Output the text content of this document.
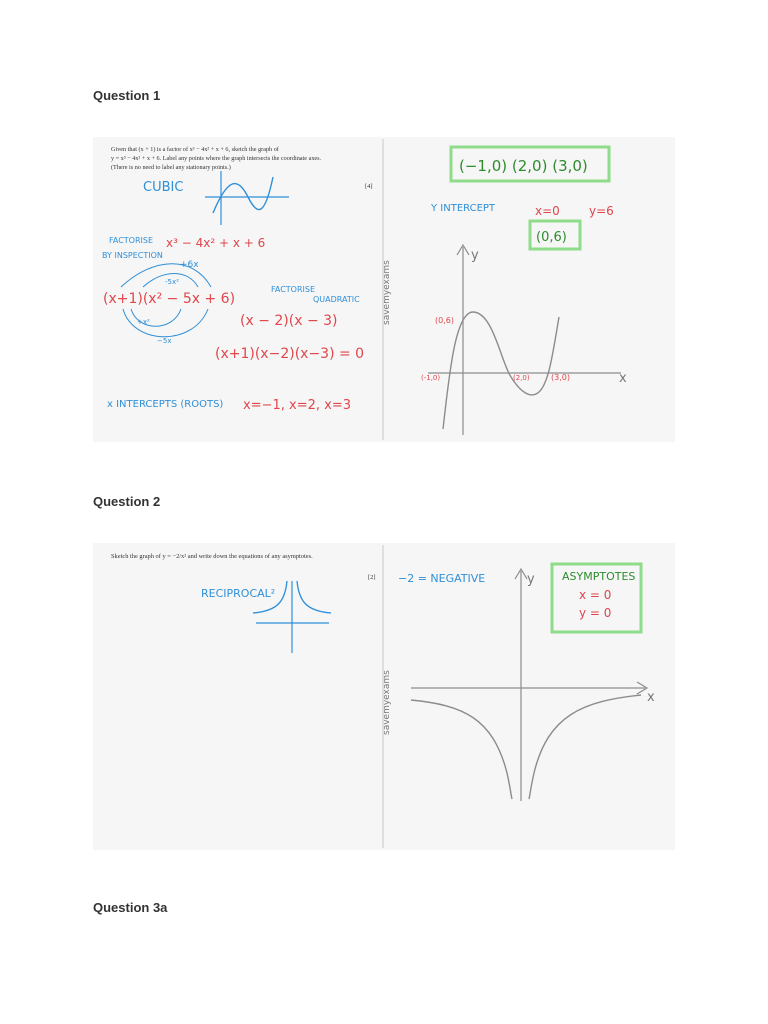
Question 1
Given that (x + 1) is a factor of x³ − 4x² + x + 6, sketch the graph of
y = x³ − 4x² + x + 6. Label any points where the graph intersects the coordinate axes.
(There is no need to label any stationary points.)
[4]
CUBIC
FACTORISE
BY INSPECTION
x³ − 4x² + x + 6
+6x
-5x²
(x+1)(x² − 5x + 6)
+x²
−5x
FACTORISE
QUADRATIC
(x − 2)(x − 3)
(x+1)(x−2)(x−3) = 0
x INTERCEPTS (ROOTS) x=−1, x=2, x=3
savemyexams
(−1,0) (2,0) (3,0)
Y INTERCEPT	x=0 y=6
(0,6)
y
x
(0,6)
(-1,0)	(2,0)	(3,0)
Question 2
Sketch the graph of y = −2/x² and write down the equations of any asymptotes.
[2]
RECIPROCAL²
savemyexams
−2 = NEGATIVE	ASYMPTOTES
x = 0
y = 0
y
x
Question 3a
